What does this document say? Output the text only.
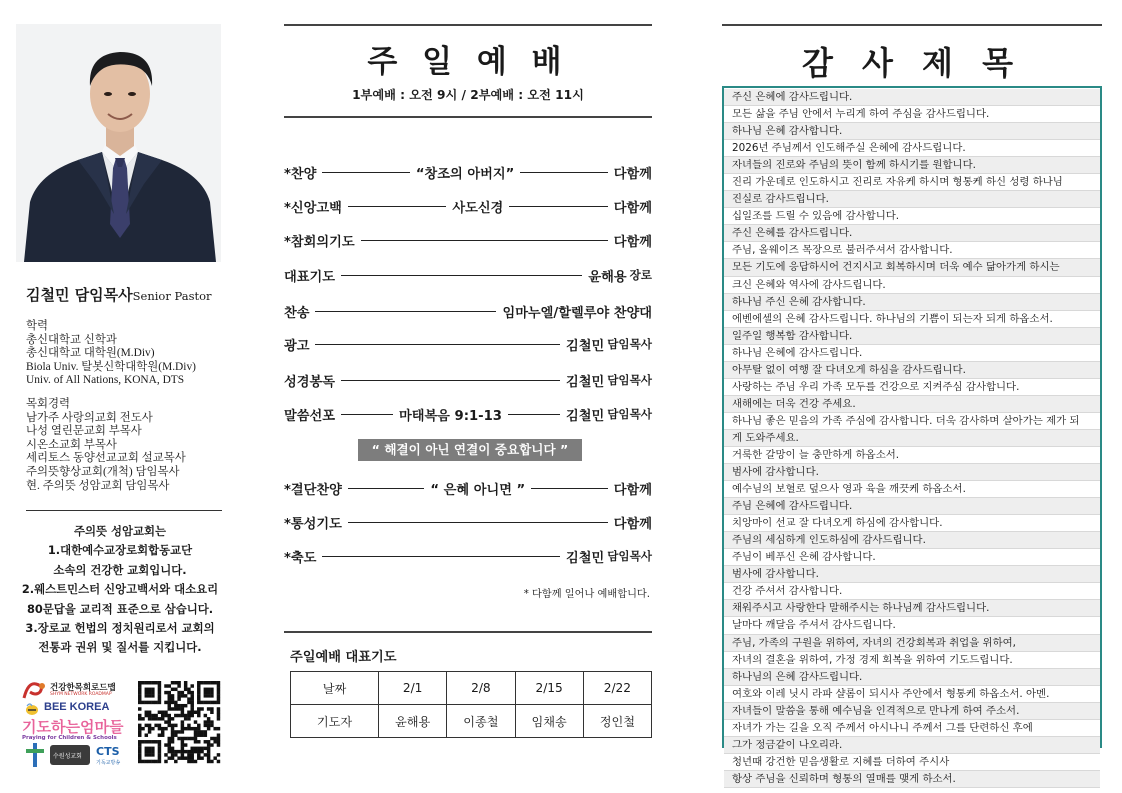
김철민 담임목사Senior Pastor
학력
총신대학교 신학과
총신대학교 대학원(M.Div)
Biola Univ. 탈봇신학대학원(M.Div)
Univ. of All Nations, KONA, DTS
목회경력
남가주 사랑의교회 전도사
나성 열린문교회 부목사
시온소교회 부목사
세리토스 동양선교교회 설교목사
주의뜻향상교회(개척) 담임목사
현. 주의뜻 성암교회 담임목사
주의뜻 성암교회는
1.대한예수교장로회합동교단
소속의 건강한 교회입니다.
2.웨스트민스터 신앙고백서와 대소요리
80문답을 교리적 표준으로 삼습니다.
3.장로교 헌법의 정치원리로서 교회의
전통과 권위 및 질서를 지킵니다.
건강한목회로드맵
SHYM NETWORK ROADMAP
BEE KOREA
기도하는엄마들
Praying for Children & Schools
수원성교회 CTS
기독교방송
주 일 예 배
1부예배 : 오전 9시 / 2부예배 : 오전 11시
*찬양	“창조의 아버지”	다함께
*신앙고백	사도신경	다함께
*참회의기도	다함께
대표기도	윤해용 장로
찬송	임마누엘/할렐루야 찬양대
광고	김철민 담임목사
성경봉독	김철민 담임목사
말씀선포	마태복음 9:1-13	김철민 담임목사
“ 해결이 아닌 연결이 중요합니다 ”
*결단찬양	“ 은혜 아니면 ”	다함께
*통성기도	다함께
*축도	김철민 담임목사
* 다함께 일어나 예배합니다.
주일예배 대표기도
날짜	2/1	2/8	2/15	2/22
기도자	윤해용	이종철	임채송	정인철
감 사 제 목
주신 은혜에 감사드립니다.
모든 삶을 주님 안에서 누리게 하여 주심을 감사드립니다.
하나님 은혜 감사합니다.
2026년 주님께서 인도해주실 은혜에 감사드립니다.
자녀들의 진로와 주님의 뜻이 함께 하시기를 원합니다.
진리 가운데로 인도하시고 진리로 자유케 하시며 형통케 하신 성령 하나님
진실로 감사드립니다.
십일조를 드릴 수 있음에 감사합니다.
주신 은혜를 감사드립니다.
주님, 올웨이즈 목장으로 불러주셔서 감사합니다.
모든 기도에 응답하시어 건지시고 회복하시며 더욱 예수 닮아가게 하시는
크신 은혜와 역사에 감사드립니다.
하나님 주신 은혜 감사합니다.
에벤에셀의 은혜 감사드립니다. 하나님의 기쁨이 되는자 되게 하옵소서.
일주일 행복함 감사합니다.
하나님 은혜에 감사드립니다.
아무탈 없이 여행 잘 다녀오게 하심을 감사드립니다.
사랑하는 주님 우리 가족 모두를 건강으로 지켜주심 감사합니다.
새해에는 더욱 건강 주세요.
하나님 좋은 믿음의 가족 주심에 감사합니다. 더욱 감사하며 살아가는 제가 되
게 도와주세요.
거룩한 갈망이 늘 충만하게 하옵소서.
범사에 감사합니다.
예수님의 보혈로 덮으사 영과 육을 깨끗케 하옵소서.
주님 은혜에 감사드립니다.
치앙마이 선교 잘 다녀오게 하심에 감사합니다.
주님의 세심하게 인도하심에 감사드립니다.
주님이 베푸신 은혜 감사합니다.
범사에 감사합니다.
건강 주셔서 감사합니다.
채워주시고 사랑한다 말해주시는 하나님께 감사드립니다.
날마다 깨달음 주셔서 감사드립니다.
주님, 가족의 구원을 위하여, 자녀의 건강회복과 취업을 위하여,
자녀의 결혼을 위하여, 가정 경제 회복을 위하여 기도드립니다.
하나님의 은혜 감사드립니다.
여호와 이레 닛시 라파 샬롬이 되시사 주안에서 형통케 하옵소서. 아멘.
자녀들이 말씀을 통해 예수님을 인격적으로 만나게 하여 주소서.
자녀가 가는 길을 오직 주께서 아시나니 주께서 그를 단련하신 후에
그가 정금같이 나오리라.
청년때 강건한 믿음생활로 지혜를 더하여 주시사
항상 주님을 신뢰하며 형통의 열매를 맺게 하소서.
